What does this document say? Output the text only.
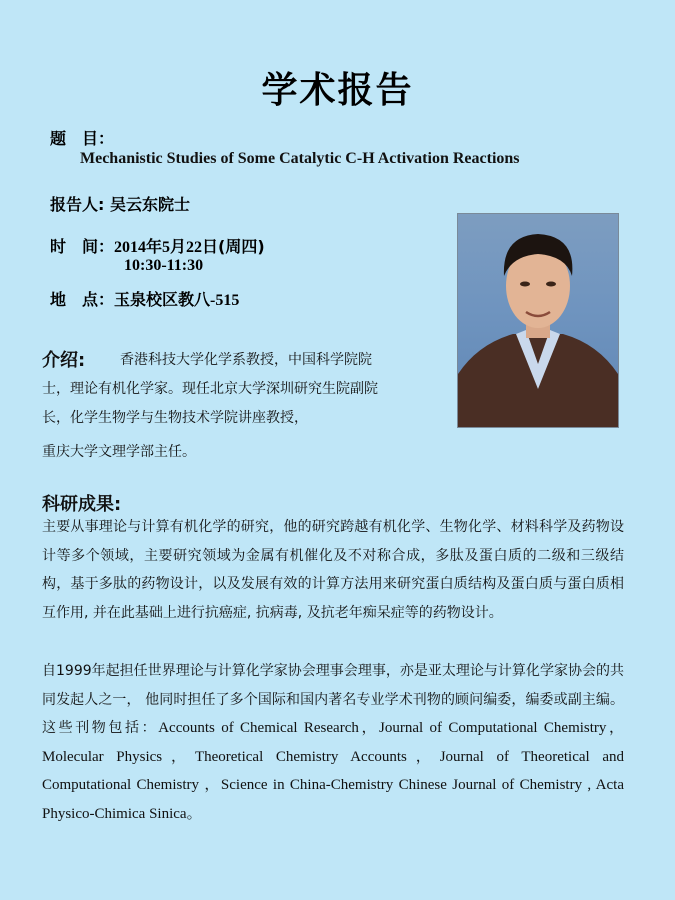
学术报告
题　目：
Mechanistic Studies of Some Catalytic C-H Activation Reactions
报告人: 吴云东院士
时　间：2014年5月22日(周四)
10:30-11:30
地　点：玉泉校区教八-515
介绍:	香港科技大学化学系教授，中国科学院院士，理论有机化学家。现任北京大学深圳研究生院副院长，化学生物学与生物技术学院讲座教授，
重庆大学文理学部主任。
科研成果:
主要从事理论与计算有机化学的研究，他的研究跨越有机化学、生物化学、材料科学及药物设计等多个领域，主要研究领域为金属有机催化及不对称合成，多肽及蛋白质的二级和三级结构，基于多肽的药物设计，以及发展有效的计算方法用来研究蛋白质结构及蛋白质与蛋白质相互作用, 并在此基础上进行抗癌症, 抗病毒, 及抗老年痴呆症等的药物设计。
自1999年起担任世界理论与计算化学家协会理事会理事，亦是亚太理论与计算化学家协会的共同发起人之一， 他同时担任了多个国际和国内著名专业学术刊物的顾问编委，编委或副主编。这些刊物包括：Accounts of Chemical Research，Journal of Computational Chemistry，Molecular Physics，Theoretical Chemistry Accounts，Journal of Theoretical and Computational Chemistry ，Science in China-Chemistry Chinese Journal of Chemistry , Acta Physico-Chimica Sinica。
